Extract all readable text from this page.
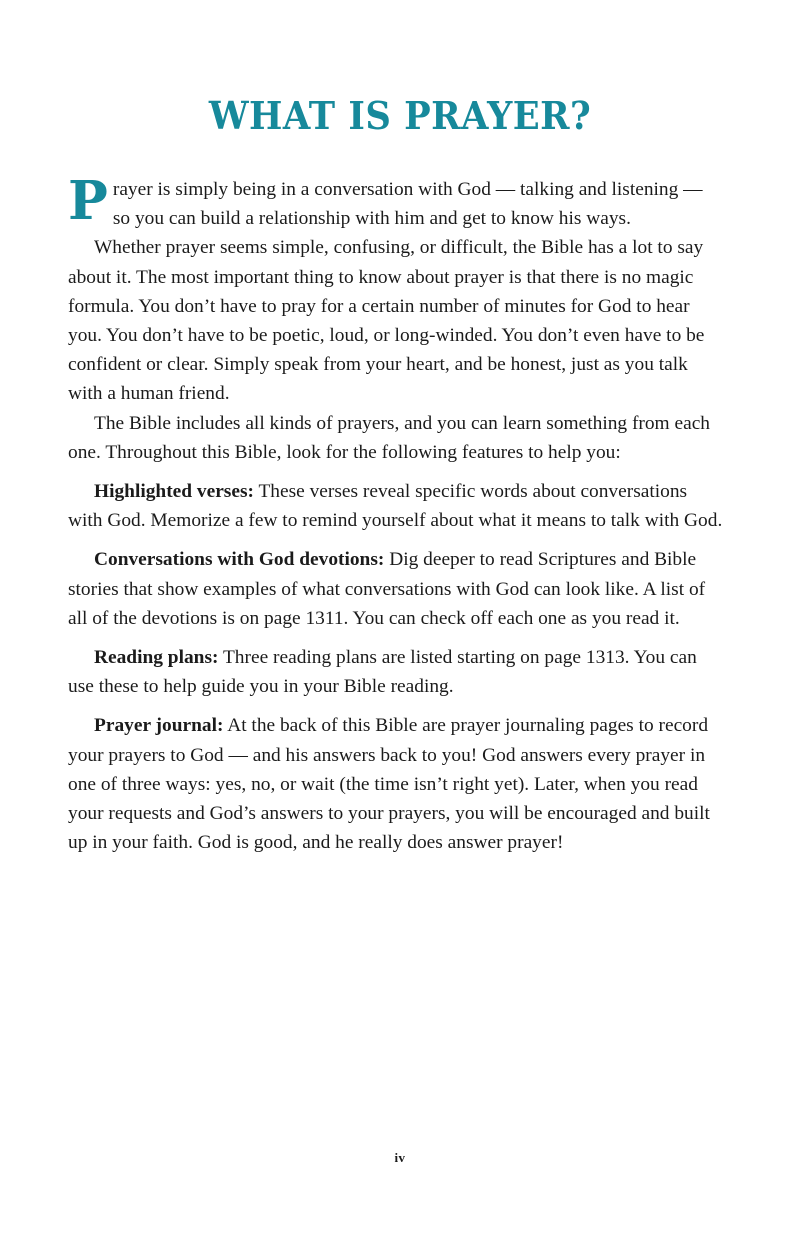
WHAT IS PRAYER?

Prayer is simply being in a conversation with God — talking and listening — so you can build a relationship with him and get to know his ways.

Whether prayer seems simple, confusing, or difficult, the Bible has a lot to say about it. The most important thing to know about prayer is that there is no magic formula. You don’t have to pray for a certain number of minutes for God to hear you. You don’t have to be poetic, loud, or long-winded. You don’t even have to be confident or clear. Simply speak from your heart, and be honest, just as you talk with a human friend.

The Bible includes all kinds of prayers, and you can learn something from each one. Throughout this Bible, look for the following features to help you:

Highlighted verses: These verses reveal specific words about conversations with God. Memorize a few to remind yourself about what it means to talk with God.

Conversations with God devotions: Dig deeper to read Scriptures and Bible stories that show examples of what conversations with God can look like. A list of all of the devotions is on page 1311. You can check off each one as you read it.

Reading plans: Three reading plans are listed starting on page 1313. You can use these to help guide you in your Bible reading.

Prayer journal: At the back of this Bible are prayer journaling pages to record your prayers to God — and his answers back to you! God answers every prayer in one of three ways: yes, no, or wait (the time isn’t right yet). Later, when you read your requests and God’s answers to your prayers, you will be encouraged and built up in your faith. God is good, and he really does answer prayer!

iv
